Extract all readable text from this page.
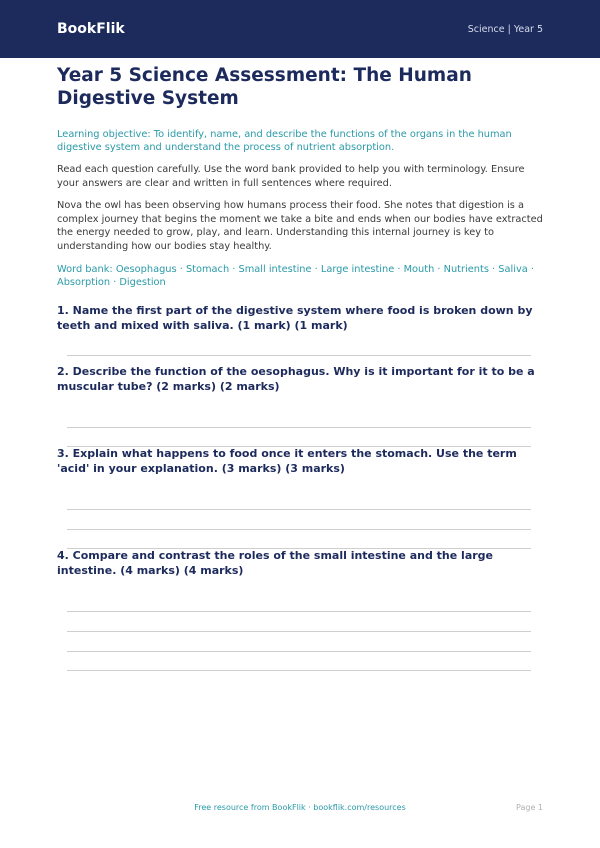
BookFlik	Science | Year 5
Year 5 Science Assessment: The Human Digestive System
Learning objective: To identify, name, and describe the functions of the organs in the human digestive system and understand the process of nutrient absorption.
Read each question carefully. Use the word bank provided to help you with terminology. Ensure your answers are clear and written in full sentences where required.
Nova the owl has been observing how humans process their food. She notes that digestion is a complex journey that begins the moment we take a bite and ends when our bodies have extracted the energy needed to grow, play, and learn. Understanding this internal journey is key to understanding how our bodies stay healthy.
Word bank: Oesophagus · Stomach · Small intestine · Large intestine · Mouth · Nutrients · Saliva · Absorption · Digestion
1. Name the first part of the digestive system where food is broken down by teeth and mixed with saliva. (1 mark) (1 mark)
2. Describe the function of the oesophagus. Why is it important for it to be a muscular tube? (2 marks) (2 marks)
3. Explain what happens to food once it enters the stomach. Use the term 'acid' in your explanation. (3 marks) (3 marks)
4. Compare and contrast the roles of the small intestine and the large intestine. (4 marks) (4 marks)
Free resource from BookFlik · bookflik.com/resources	Page 1
